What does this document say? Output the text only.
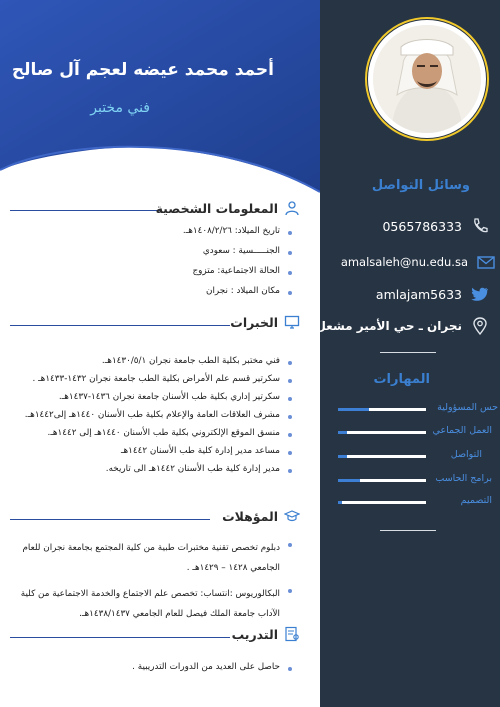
أحمد محمد عيضه لعجم آل صالح
فني مختبر
المعلومات الشخصية
تاريخ الميلاد: ١٤٠٨/٢/٢٦هـ.
الجنـــــسية : سعودي
الحالة الاجتماعية: متزوج
مكان الميلاد : نجران
الخبرات
فني مختبر بكلية الطب جامعة نجران ١٤٣٠/٥/١هـ.
سكرتير قسم علم الأمراض بكلية الطب جامعة نجران ١٤٣٢-١٤٣٣هـ .
سكرتير إداري بكلية طب الأسنان جامعة نجران ١٤٣٦-١٤٣٧هـ.
مشرف العلاقات العامة والإعلام بكلية طب الأسنان ١٤٤٠هـ إلى١٤٤٢هـ.
منسق الموقع الإلكتروني بكلية طب الأسنان ١٤٤٠هـ إلى ١٤٤٢هـ.
مساعد مدير إدارة كلية طب الأسنان ١٤٤٢هـ
مدير إدارة كلية طب الأسنان ١٤٤٢هـ الى تاريخه.
المؤهلات
دبلوم تخصص تقنية مختبرات طبية من كلية المجتمع بجامعة نجران للعام الجامعي ١٤٢٨ – ١٤٢٩هـ .
البكالوريوس :انتساب: تخصص علم الاجتماع والخدمة الاجتماعية من كلية الآداب جامعة الملك فيصل للعام الجامعي ١٤٣٨/١٤٣٧هـ.
التدريب
حاصل على العديد من الدورات التدريبية .
وسائل التواصل
0565786333
amalsaleh@nu.edu.sa
amlajam5633
نجران ـ حي الأمير مشعل
المهارات
حس المسؤولية
العمل الجماعي
التواصل
برامج الحاسب
التصميم
